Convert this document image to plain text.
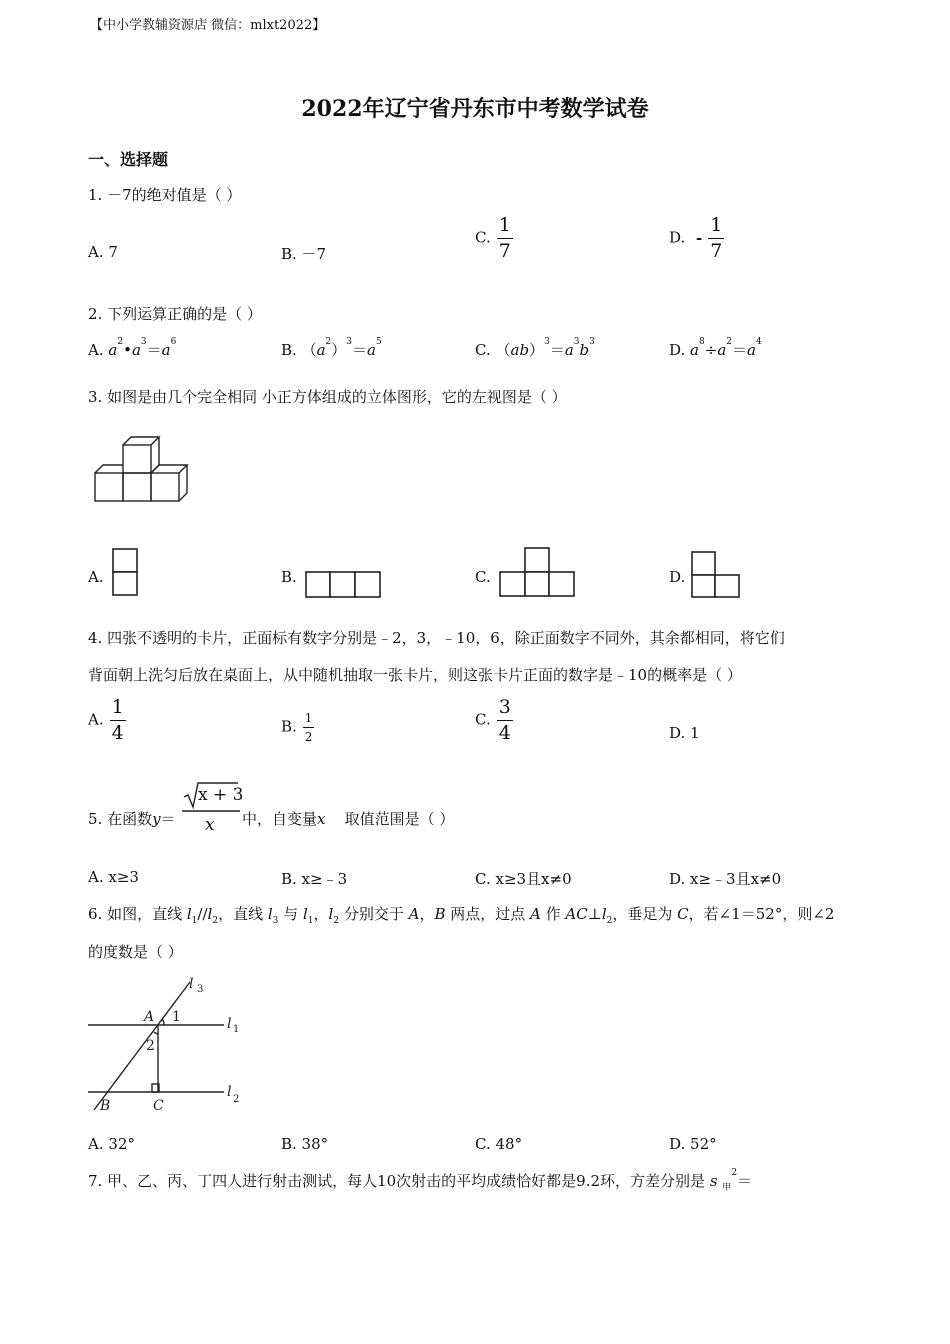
【中小学教辅资源店 微信：mlxt2022】
2022年辽宁省丹东市中考数学试卷
一、选择题
1. －7的绝对值是（ ）
A. 7	B. －7
C. $\frac{1}{7}$	D. - $\frac{1}{7}$
2. 下列运算正确的是（ ）
A. $a^2•a^3=a^6$	B. $(a^2)^3=a^5$	C. $(ab)^3=a^3b^3$	D. $a^8\div a^2=a^4$
3. 如图是由几个完全相同 小正方体组成的立体图形，它的左视图是（ ）
A.	B.	C.	D.
4. 四张不透明的卡片，正面标有数字分别是﹣2，3，﹣10，6，除正面数字不同外，其余都相同，将它们
背面朝上洗匀后放在桌面上，从中随机抽取一张卡片，则这张卡片正面的数字是﹣10的概率是（ ）
A. $\frac{1}{4}$	B. $\frac{1}{2}$	C. $\frac{3}{4}$	D. 1
5. 在函数y＝
x + 3
x 中，自变量x 取值范围是（ ）
A. x≥3	B. x≥﹣3	C. x≥3且x≠0	D. x≥﹣3且x≠0
6. 如图，直线 $l_1//l_2$，直线 $l_3$ 与 $l_1$，$l_2$ 分别交于 A，B 两点，过点 A 作 $AC\perp l_2$，垂足为 C，若∠1＝52°，则∠2
的度数是（ ）
l 3
l 1
l 2
A
B	C
1
2
A. 32°	B. 38°	C. 48°	D. 52°
7. 甲、乙、丙、丁四人进行射击测试，每人10次射击的平均成绩恰好都是9.2环，方差分别是 s $_甲^2$＝
